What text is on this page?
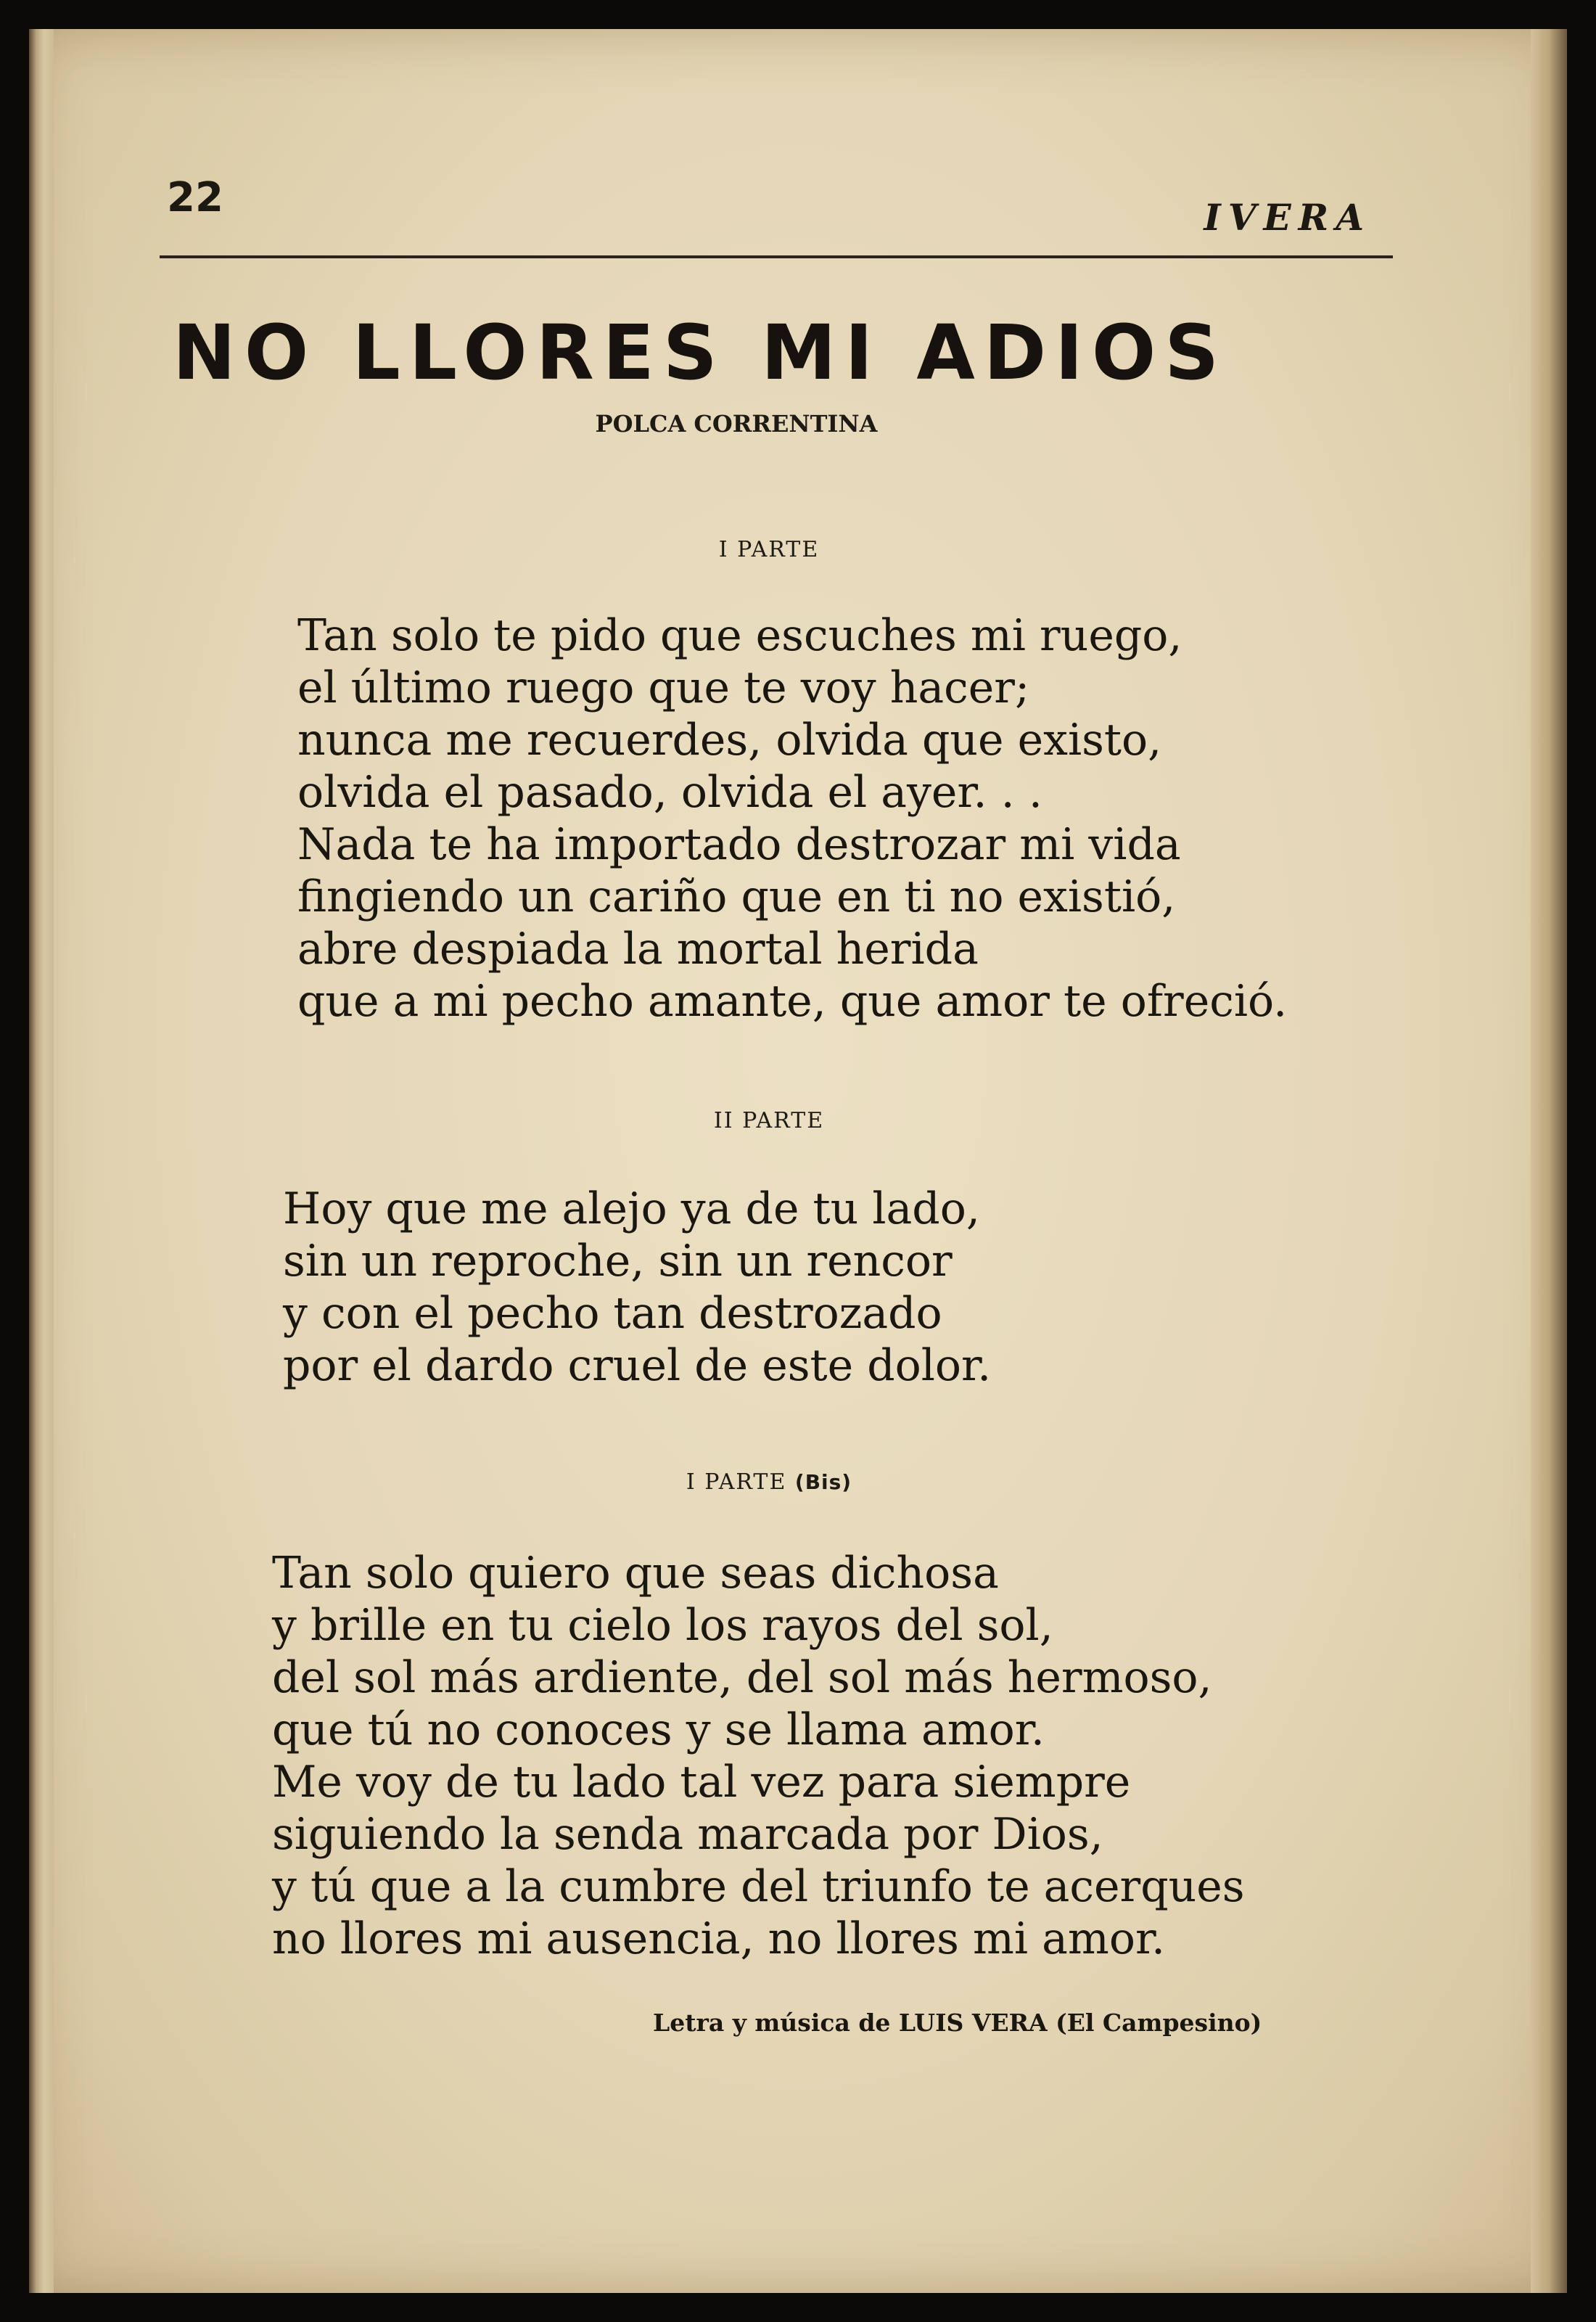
22	IVERA
NO LLORES MI ADIOS
POLCA CORRENTINA
I PARTE
Tan solo te pido que escuches mi ruego,
el último ruego que te voy hacer;
nunca me recuerdes, olvida que existo,
olvida el pasado, olvida el ayer. . .
Nada te ha importado destrozar mi vida
fingiendo un cariño que en ti no existió,
abre despiada la mortal herida
que a mi pecho amante, que amor te ofreció.
II PARTE
Hoy que me alejo ya de tu lado,
sin un reproche, sin un rencor
y con el pecho tan destrozado
por el dardo cruel de este dolor.
I PARTE (Bis)
Tan solo quiero que seas dichosa
y brille en tu cielo los rayos del sol,
del sol más ardiente, del sol más hermoso,
que tú no conoces y se llama amor.
Me voy de tu lado tal vez para siempre
siguiendo la senda marcada por Dios,
y tú que a la cumbre del triunfo te acerques
no llores mi ausencia, no llores mi amor.
Letra y música de LUIS VERA (El Campesino)
